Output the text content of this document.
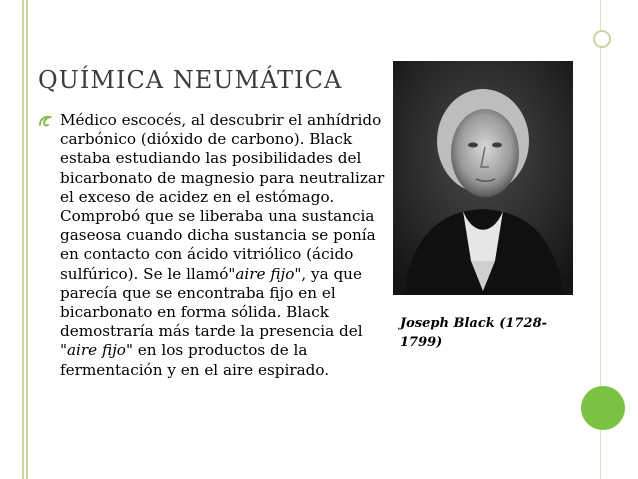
QUÍMICA NEUMÁTICA

Médico escocés, al descubrir el anhídrido carbónico (dióxido de carbono). Black estaba estudiando las posibilidades del bicarbonato de magnesio para neutralizar el exceso de acidez en el estómago. Comprobó que se liberaba una sustancia gaseosa cuando dicha sustancia se ponía en contacto con ácido vitriólico (ácido sulfúrico). Se le llamó"aire fijo", ya que parecía que se encontraba fijo en el bicarbonato en forma sólida. Black demostraría más tarde la presencia del "aire fijo" en los productos de la fermentación y en el aire espirado.

Joseph Black (1728-1799)
